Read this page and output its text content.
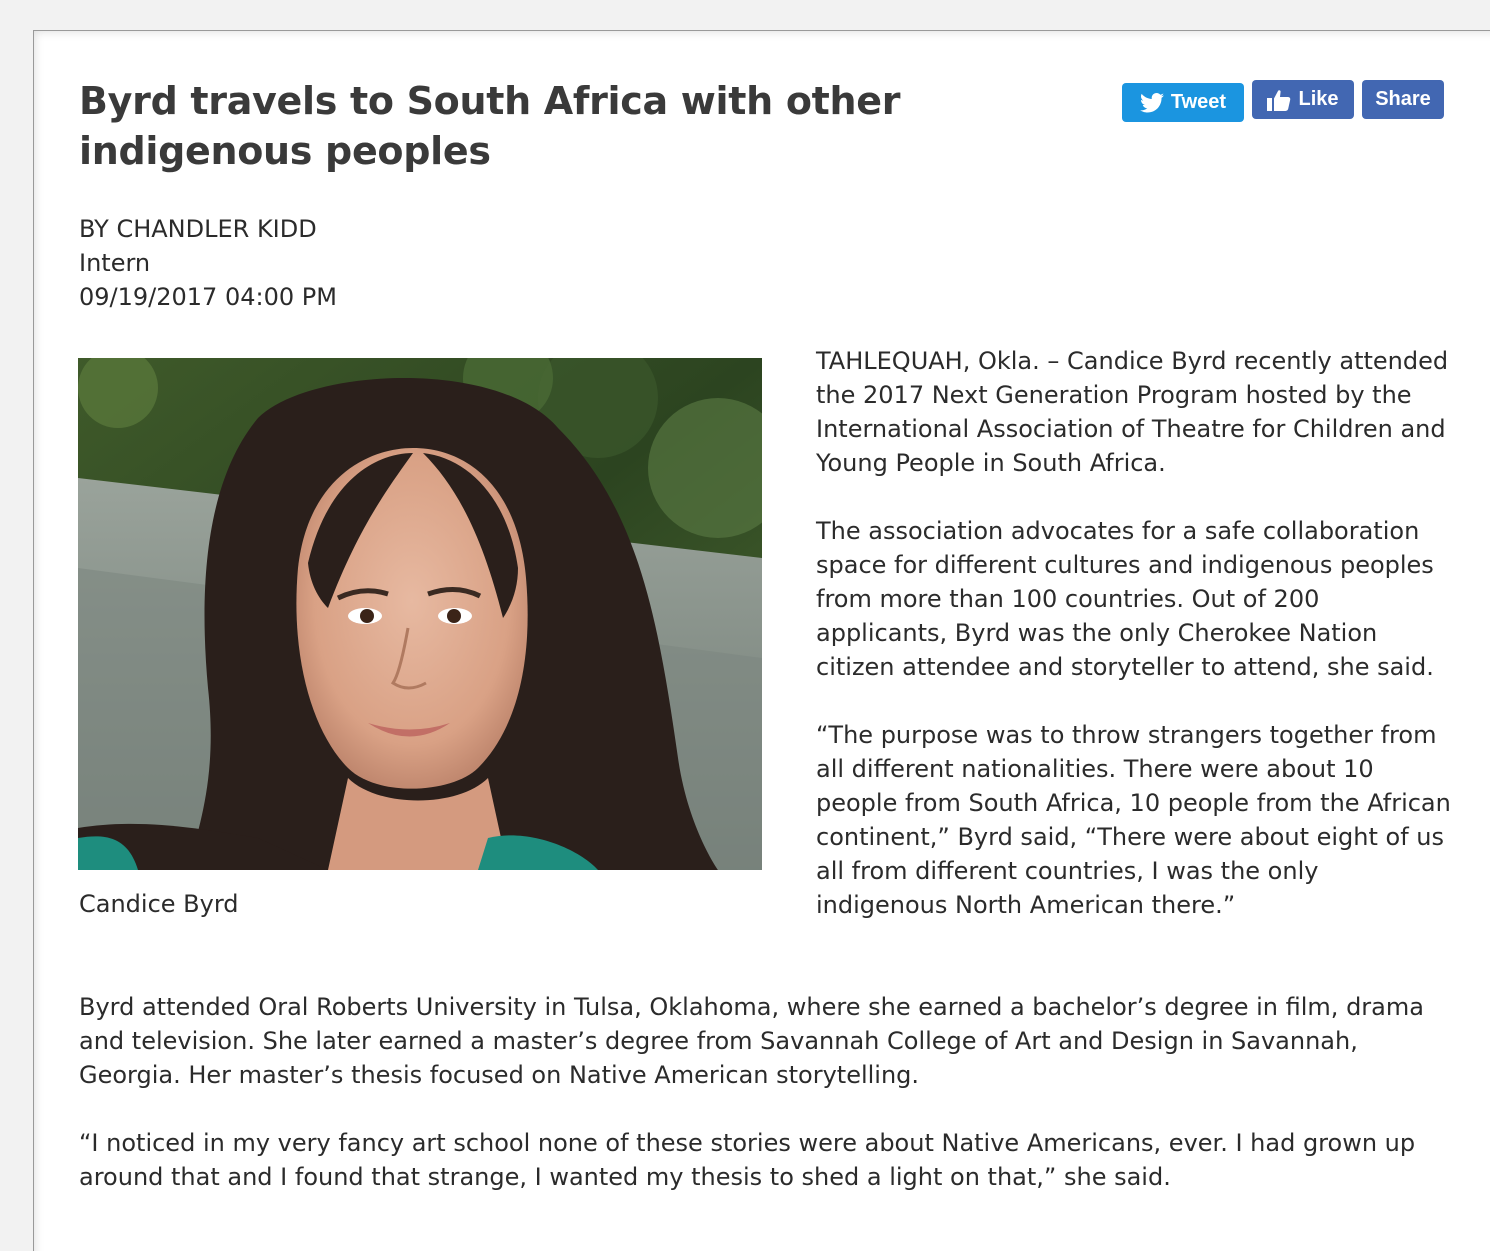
Byrd travels to South Africa with other indigenous peoples
Tweet	Like Share
BY CHANDLER KIDD
Intern
09/19/2017 04:00 PM
Candice Byrd

TAHLEQUAH, Okla. – Candice Byrd recently attended the 2017 Next Generation Program hosted by the International Association of Theatre for Children and Young People in South Africa.

The association advocates for a safe collaboration space for different cultures and indigenous peoples from more than 100 countries. Out of 200 applicants, Byrd was the only Cherokee Nation citizen attendee and storyteller to attend, she said.

“The purpose was to throw strangers together from all different nationalities. There were about 10 people from South Africa, 10 people from the African continent,” Byrd said, “There were about eight of us all from different countries, I was the only indigenous North American there.”

Byrd attended Oral Roberts University in Tulsa, Oklahoma, where she earned a bachelor’s degree in film, drama and television. She later earned a master’s degree from Savannah College of Art and Design in Savannah, Georgia. Her master’s thesis focused on Native American storytelling.

“I noticed in my very fancy art school none of these stories were about Native Americans, ever. I had grown up around that and I found that strange, I wanted my thesis to shed a light on that,” she said.
